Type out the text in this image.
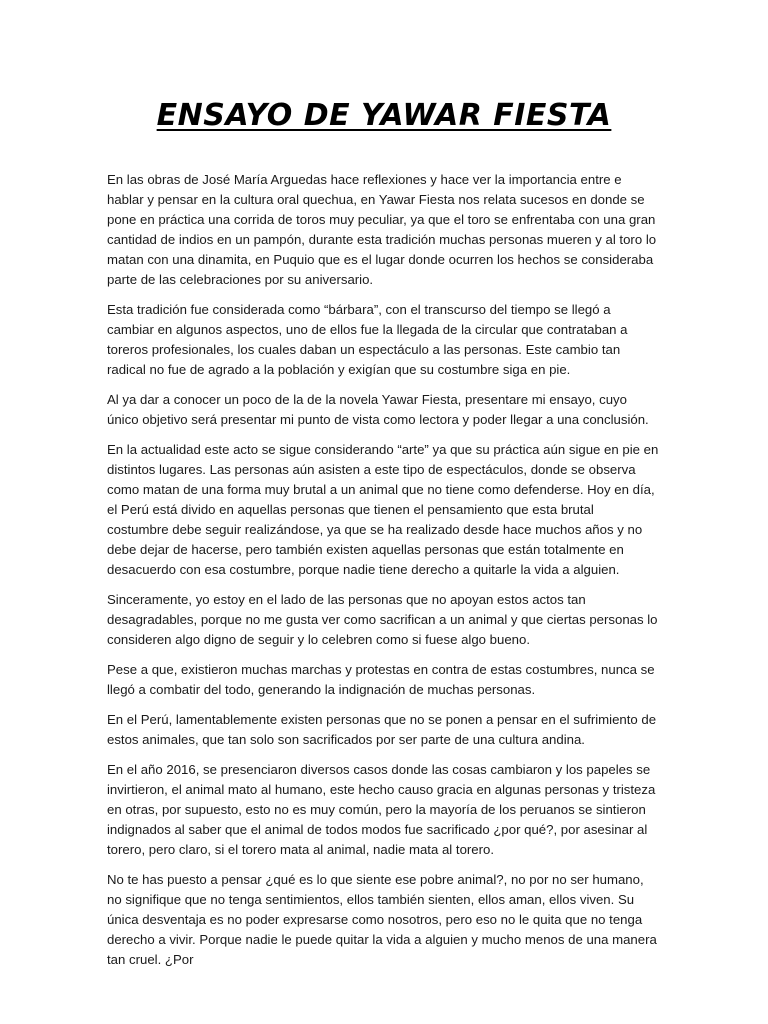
ENSAYO DE YAWAR FIESTA

En las obras de José María Arguedas hace reflexiones y hace ver la importancia entre e hablar y pensar en la cultura oral quechua, en Yawar Fiesta nos relata sucesos en donde se pone en práctica una corrida de toros muy peculiar, ya que el toro se enfrentaba con una gran cantidad de indios en un pampón, durante esta tradición muchas personas mueren y al toro lo matan con una dinamita, en Puquio que es el lugar donde ocurren los hechos se consideraba parte de las celebraciones por su aniversario.

Esta tradición fue considerada como “bárbara”, con el transcurso del tiempo se llegó a cambiar en algunos aspectos, uno de ellos fue la llegada de la circular que contrataban a toreros profesionales, los cuales daban un espectáculo a las personas. Este cambio tan radical no fue de agrado a la población y exigían que su costumbre siga en pie.

Al ya dar a conocer un poco de la de la novela Yawar Fiesta, presentare mi ensayo, cuyo único objetivo será presentar mi punto de vista como lectora y poder llegar a una conclusión.

En la actualidad este acto se sigue considerando “arte” ya que su práctica aún sigue en pie en distintos lugares. Las personas aún asisten a este tipo de espectáculos, donde se observa como matan de una forma muy brutal a un animal que no tiene como defenderse. Hoy en día, el Perú está divido en aquellas personas que tienen el pensamiento que esta brutal costumbre debe seguir realizándose, ya que se ha realizado desde hace muchos años y no debe dejar de hacerse, pero también existen aquellas personas que están totalmente en desacuerdo con esa costumbre, porque nadie tiene derecho a quitarle la vida a alguien.

Sinceramente, yo estoy en el lado de las personas que no apoyan estos actos tan desagradables, porque no me gusta ver como sacrifican a un animal y que ciertas personas lo consideren algo digno de seguir y lo celebren como si fuese algo bueno.

Pese a que, existieron muchas marchas y protestas en contra de estas costumbres, nunca se llegó a combatir del todo, generando la indignación de muchas personas.

En el Perú, lamentablemente existen personas que no se ponen a pensar en el sufrimiento de estos animales, que tan solo son sacrificados por ser parte de una cultura andina.

En el año 2016, se presenciaron diversos casos donde las cosas cambiaron y los papeles se invirtieron, el animal mato al humano, este hecho causo gracia en algunas personas y tristeza en otras, por supuesto, esto no es muy común, pero la mayoría de los peruanos se sintieron indignados al saber que el animal de todos modos fue sacrificado ¿por qué?, por asesinar al torero, pero claro, si el torero mata al animal, nadie mata al torero.

No te has puesto a pensar ¿qué es lo que siente ese pobre animal?, no por no ser humano, no signifique que no tenga sentimientos, ellos también sienten, ellos aman, ellos viven. Su única desventaja es no poder expresarse como nosotros, pero eso no le quita que no tenga derecho a vivir. Porque nadie le puede quitar la vida a alguien y mucho menos de una manera tan cruel. ¿Por
